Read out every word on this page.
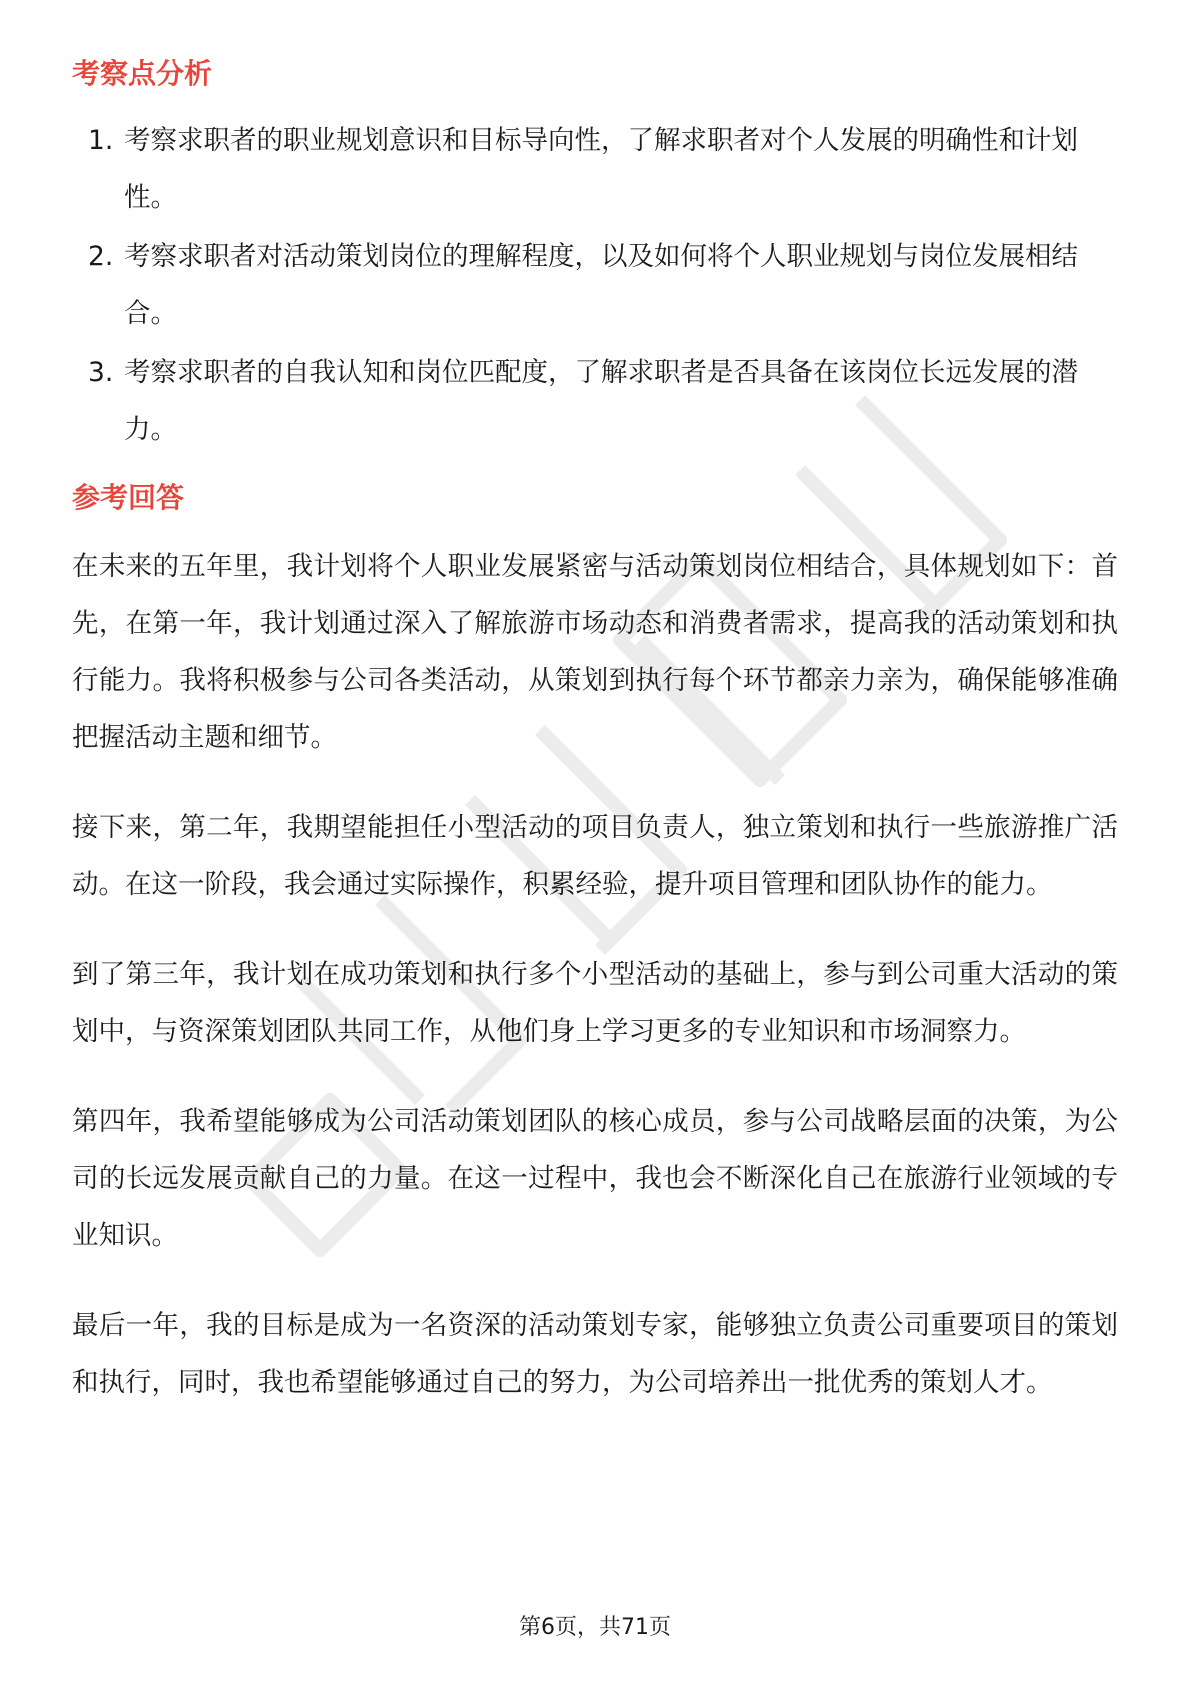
考察点分析
1. 考察求职者的职业规划意识和目标导向性，了解求职者对个人发展的明确性和计划性。
2. 考察求职者对活动策划岗位的理解程度，以及如何将个人职业规划与岗位发展相结合。
3. 考察求职者的自我认知和岗位匹配度，了解求职者是否具备在该岗位长远发展的潜力。
参考回答

在未来的五年里，我计划将个人职业发展紧密与活动策划岗位相结合，具体规划如下：首先，在第一年，我计划通过深入了解旅游市场动态和消费者需求，提高我的活动策划和执行能力。我将积极参与公司各类活动，从策划到执行每个环节都亲力亲为，确保能够准确把握活动主题和细节。

接下来，第二年，我期望能担任小型活动的项目负责人，独立策划和执行一些旅游推广活动。在这一阶段，我会通过实际操作，积累经验，提升项目管理和团队协作的能力。

到了第三年，我计划在成功策划和执行多个小型活动的基础上，参与到公司重大活动的策划中，与资深策划团队共同工作，从他们身上学习更多的专业知识和市场洞察力。

第四年，我希望能够成为公司活动策划团队的核心成员，参与公司战略层面的决策，为公司的长远发展贡献自己的力量。在这一过程中，我也会不断深化自己在旅游行业领域的专业知识。

最后一年，我的目标是成为一名资深的活动策划专家，能够独立负责公司重要项目的策划和执行，同时，我也希望能够通过自己的努力，为公司培养出一批优秀的策划人才。

第6页，共71页
